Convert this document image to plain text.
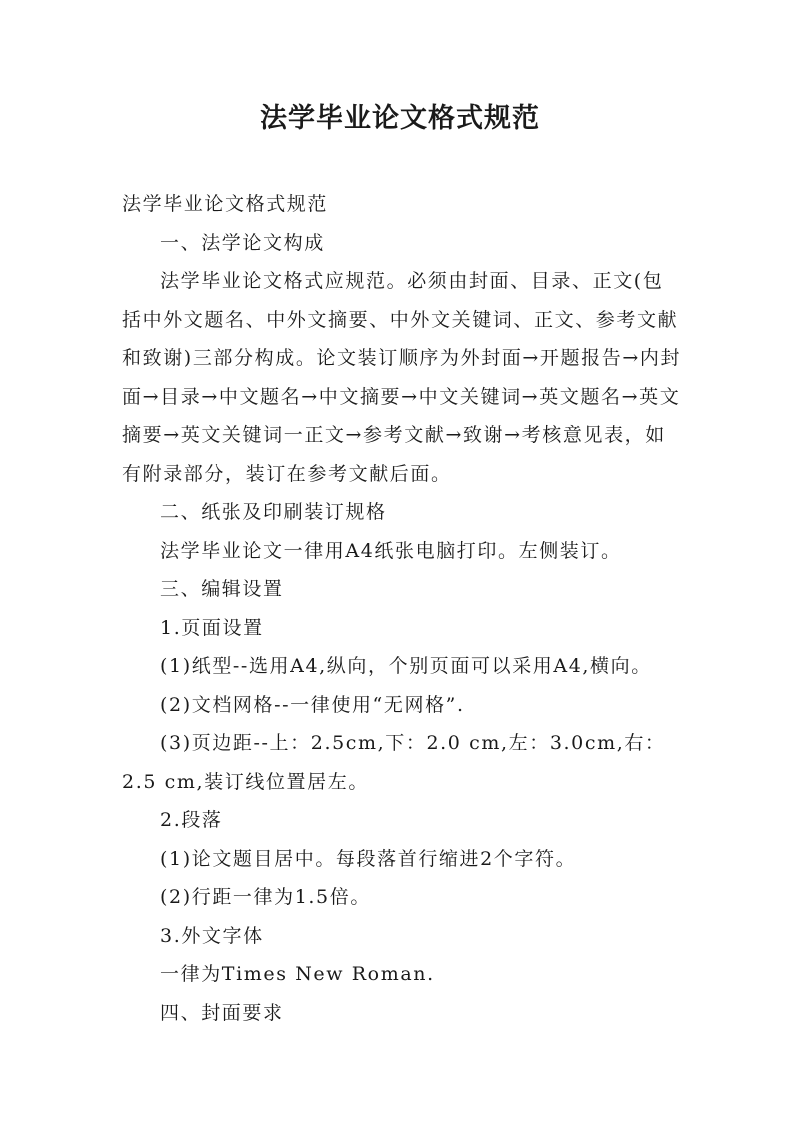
法学毕业论文格式规范

法学毕业论文格式规范

一、法学论文构成

法学毕业论文格式应规范。必须由封面、目录、正文(包括中外文题名、中外文摘要、中外文关键词、正文、参考文献和致谢)三部分构成。论文装订顺序为外封面→开题报告→内封面→目录→中文题名→中文摘要→中文关键词→英文题名→英文摘要→英文关键词一正文→参考文献→致谢→考核意见表，如有附录部分，装订在参考文献后面。

二、纸张及印刷装订规格

法学毕业论文一律用A4纸张电脑打印。左侧装订。

三、编辑设置

1.页面设置

(1)纸型--选用A4,纵向，个别页面可以采用A4,横向。

(2)文档网格--一律使用“无网格”.

(3)页边距--上：2.5cm,下：2.0 cm,左：3.0cm,右：2.5 cm,装订线位置居左。

2.段落

(1)论文题目居中。每段落首行缩进2个字符。

(2)行距一律为1.5倍。

3.外文字体

一律为Times New Roman.

四、封面要求
